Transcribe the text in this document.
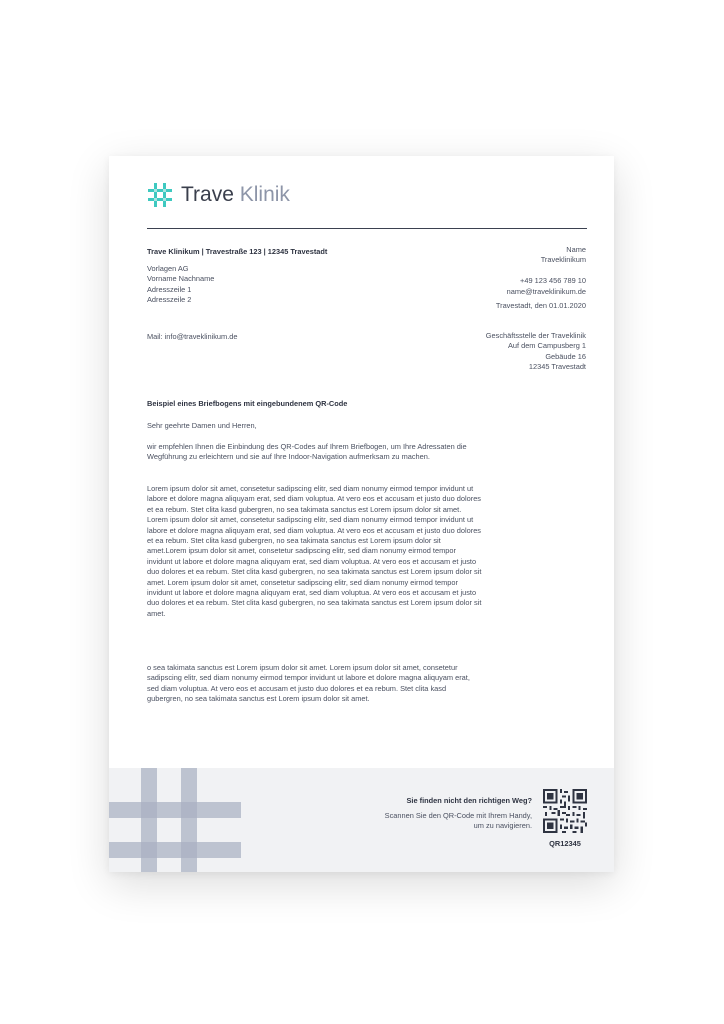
Trave Klinik
Trave Klinikum | Travestraße 123 | 12345 Travestadt
Vorlagen AG
Vorname Nachname
Adresszeile 1
Adresszeile 2
Mail: info@traveklinikum.de
Name
Traveklinikum
+49 123 456 789 10
name@traveklinikum.de
Travestadt, den 01.01.2020
Geschäftsstelle der Traveklinik
Auf dem Campusberg 1
Gebäude 16
12345 Travestadt
Beispiel eines Briefbogens mit eingebundenem QR-Code
Sehr geehrte Damen und Herren,
wir empfehlen Ihnen die Einbindung des QR-Codes auf Ihrem Briefbogen, um Ihre Adressaten die Wegführung zu erleichtern und sie auf Ihre Indoor-Navigation aufmerksam zu machen.
Lorem ipsum dolor sit amet, consetetur sadipscing elitr, sed diam nonumy eirmod tempor invidunt ut labore et dolore magna aliquyam erat, sed diam voluptua. At vero eos et accusam et justo duo dolores et ea rebum. Stet clita kasd gubergren, no sea takimata sanctus est Lorem ipsum dolor sit amet. Lorem ipsum dolor sit amet, consetetur sadipscing elitr, sed diam nonumy eirmod tempor invidunt ut labore et dolore magna aliquyam erat, sed diam voluptua. At vero eos et accusam et justo duo dolores et ea rebum. Stet clita kasd gubergren, no sea takimata sanctus est Lorem ipsum dolor sit amet.Lorem ipsum dolor sit amet, consetetur sadipscing elitr, sed diam nonumy eirmod tempor invidunt ut labore et dolore magna aliquyam erat, sed diam voluptua. At vero eos et accusam et justo duo dolores et ea rebum. Stet clita kasd gubergren, no sea takimata sanctus est Lorem ipsum dolor sit amet. Lorem ipsum dolor sit amet, consetetur sadipscing elitr, sed diam nonumy eirmod tempor invidunt ut labore et dolore magna aliquyam erat, sed diam voluptua. At vero eos et accusam et justo duo dolores et ea rebum. Stet clita kasd gubergren, no sea takimata sanctus est Lorem ipsum dolor sit amet.
o sea takimata sanctus est Lorem ipsum dolor sit amet. Lorem ipsum dolor sit amet, consetetur sadipscing elitr, sed diam nonumy eirmod tempor invidunt ut labore et dolore magna aliquyam erat, sed diam voluptua. At vero eos et accusam et justo duo dolores et ea rebum. Stet clita kasd gubergren, no sea takimata sanctus est Lorem ipsum dolor sit amet.
Sie finden nicht den richtigen Weg?
Scannen Sie den QR-Code mit Ihrem Handy,
um zu navigieren.
QR12345
